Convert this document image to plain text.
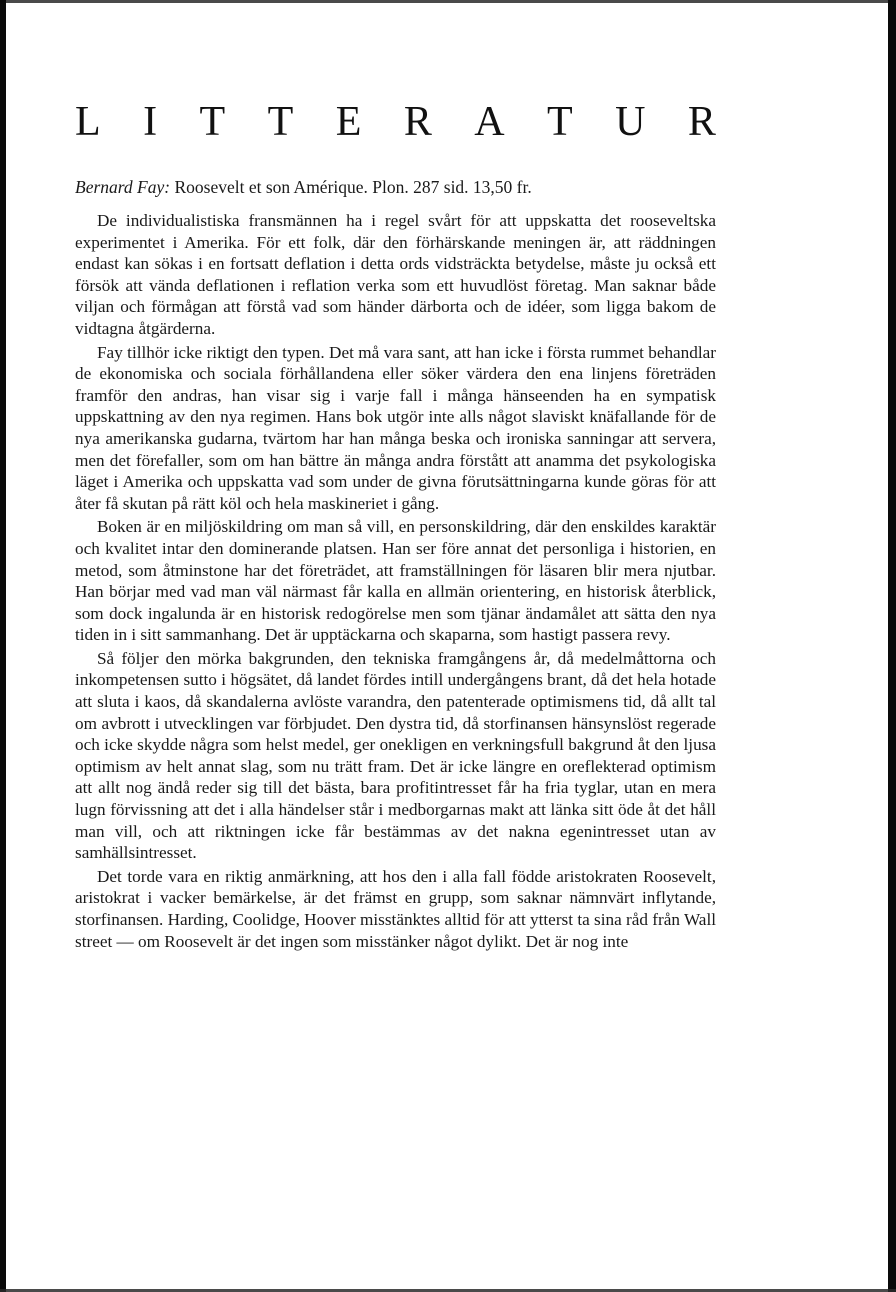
L I T T E R A T U R
Bernard Fay: Roosevelt et son Amérique. Plon. 287 sid. 13,50 fr.

De individualistiska fransmännen ha i regel svårt för att uppskatta det rooseveltska experimentet i Amerika. För ett folk, där den förhärskande meningen är, att räddningen endast kan sökas i en fortsatt deflation i detta ords vidsträckta betydelse, måste ju också ett försök att vända deflationen i reflation verka som ett huvudlöst företag. Man saknar både viljan och förmågan att förstå vad som händer därborta och de idéer, som ligga bakom de vidtagna åtgärderna.

Fay tillhör icke riktigt den typen. Det må vara sant, att han icke i första rummet behandlar de ekonomiska och sociala förhållandena eller söker värdera den ena linjens företräden framför den andras, han visar sig i varje fall i många hänseenden ha en sympatisk uppskattning av den nya regimen. Hans bok utgör inte alls något slaviskt knäfallande för de nya amerikanska gudarna, tvärtom har han många beska och ironiska sanningar att servera, men det förefaller, som om han bättre än många andra förstått att anamma det psykologiska läget i Amerika och uppskatta vad som under de givna förutsättningarna kunde göras för att åter få skutan på rätt köl och hela maskineriet i gång.

Boken är en miljöskildring om man så vill, en personskildring, där den enskildes karaktär och kvalitet intar den dominerande platsen. Han ser före annat det personliga i historien, en metod, som åtminstone har det företrädet, att framställningen för läsaren blir mera njutbar. Han börjar med vad man väl närmast får kalla en allmän orientering, en historisk återblick, som dock ingalunda är en historisk redogörelse men som tjänar ändamålet att sätta den nya tiden in i sitt sammanhang. Det är upptäckarna och skaparna, som hastigt passera revy.

Så följer den mörka bakgrunden, den tekniska framgångens år, då medelmåttorna och inkompetensen sutto i högsätet, då landet fördes intill undergångens brant, då det hela hotade att sluta i kaos, då skandalerna avlöste varandra, den patenterade optimismens tid, då allt tal om avbrott i utvecklingen var förbjudet. Den dystra tid, då storfinansen hänsynslöst regerade och icke skydde några som helst medel, ger onekligen en verkningsfull bakgrund åt den ljusa optimism av helt annat slag, som nu trätt fram. Det är icke längre en oreflekterad optimism att allt nog ändå reder sig till det bästa, bara profitintresset får ha fria tyglar, utan en mera lugn förvissning att det i alla händelser står i medborgarnas makt att länka sitt öde åt det håll man vill, och att riktningen icke får bestämmas av det nakna egenintresset utan av samhällsintresset.

Det torde vara en riktig anmärkning, att hos den i alla fall födde aristokraten Roosevelt, aristokrat i vacker bemärkelse, är det främst en grupp, som saknar nämnvärt inflytande, storfinansen. Harding, Coolidge, Hoover misstänktes alltid för att ytterst ta sina råd från Wall street — om Roosevelt är det ingen som misstänker något dylikt. Det är nog inte
